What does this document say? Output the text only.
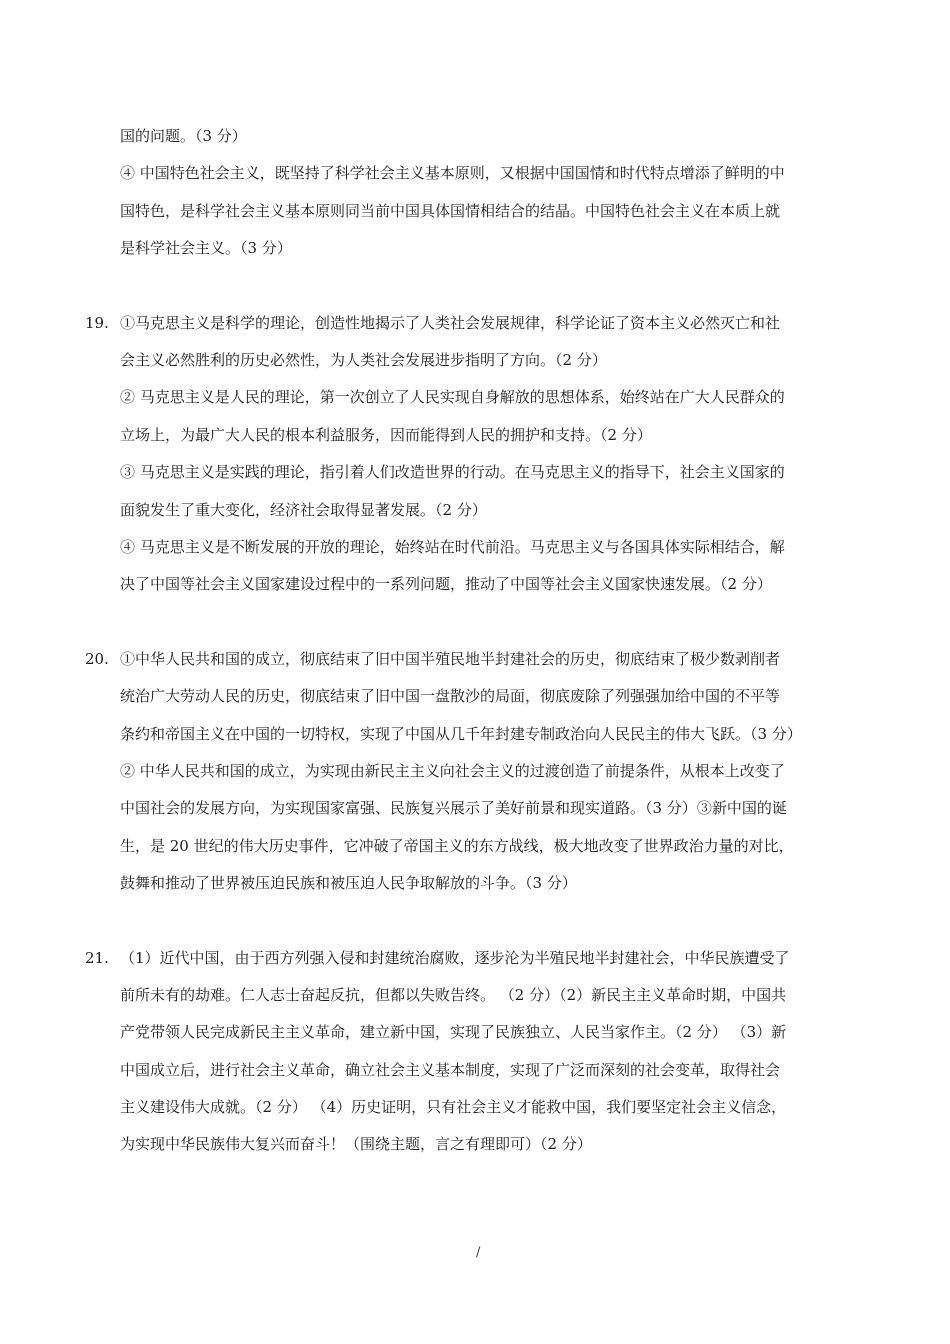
国的问题。（3 分）
④ 中国特色社会主义，既坚持了科学社会主义基本原则，又根据中国国情和时代特点增添了鲜明的中
国特色，是科学社会主义基本原则同当前中国具体国情相结合的结晶。中国特色社会主义在本质上就
是科学社会主义。（3 分）
19. ①马克思主义是科学的理论，创造性地揭示了人类社会发展规律，科学论证了资本主义必然灭亡和社
会主义必然胜利的历史必然性，为人类社会发展进步指明了方向。（2 分）
② 马克思主义是人民的理论，第一次创立了人民实现自身解放的思想体系，始终站在广大人民群众的
立场上，为最广大人民的根本利益服务，因而能得到人民的拥护和支持。（2 分）
③ 马克思主义是实践的理论，指引着人们改造世界的行动。在马克思主义的指导下，社会主义国家的
面貌发生了重大变化，经济社会取得显著发展。（2 分）
④ 马克思主义是不断发展的开放的理论，始终站在时代前沿。马克思主义与各国具体实际相结合，解
决了中国等社会主义国家建设过程中的一系列问题，推动了中国等社会主义国家快速发展。（2 分）
20. ①中华人民共和国的成立，彻底结束了旧中国半殖民地半封建社会的历史，彻底结束了极少数剥削者
统治广大劳动人民的历史，彻底结束了旧中国一盘散沙的局面，彻底废除了列强强加给中国的不平等
条约和帝国主义在中国的一切特权，实现了中国从几千年封建专制政治向人民民主的伟大飞跃。（3 分）
② 中华人民共和国的成立，为实现由新民主主义向社会主义的过渡创造了前提条件，从根本上改变了
中国社会的发展方向，为实现国家富强、民族复兴展示了美好前景和现实道路。（3 分）③新中国的诞
生，是 20 世纪的伟大历史事件，它冲破了帝国主义的东方战线，极大地改变了世界政治力量的对比，
鼓舞和推动了世界被压迫民族和被压迫人民争取解放的斗争。（3 分）
21. （1）近代中国，由于西方列强入侵和封建统治腐败，逐步沦为半殖民地半封建社会，中华民族遭受了
前所未有的劫难。仁人志士奋起反抗，但都以失败告终。 （2 分）（2）新民主主义革命时期，中国共
产党带领人民完成新民主主义革命，建立新中国，实现了民族独立、人民当家作主。（2 分） （3）新
中国成立后，进行社会主义革命，确立社会主义基本制度，实现了广泛而深刻的社会变革，取得社会
主义建设伟大成就。（2 分） （4）历史证明，只有社会主义才能救中国，我们要坚定社会主义信念，
为实现中华民族伟大复兴而奋斗！（围绕主题，言之有理即可）（2 分）
/
